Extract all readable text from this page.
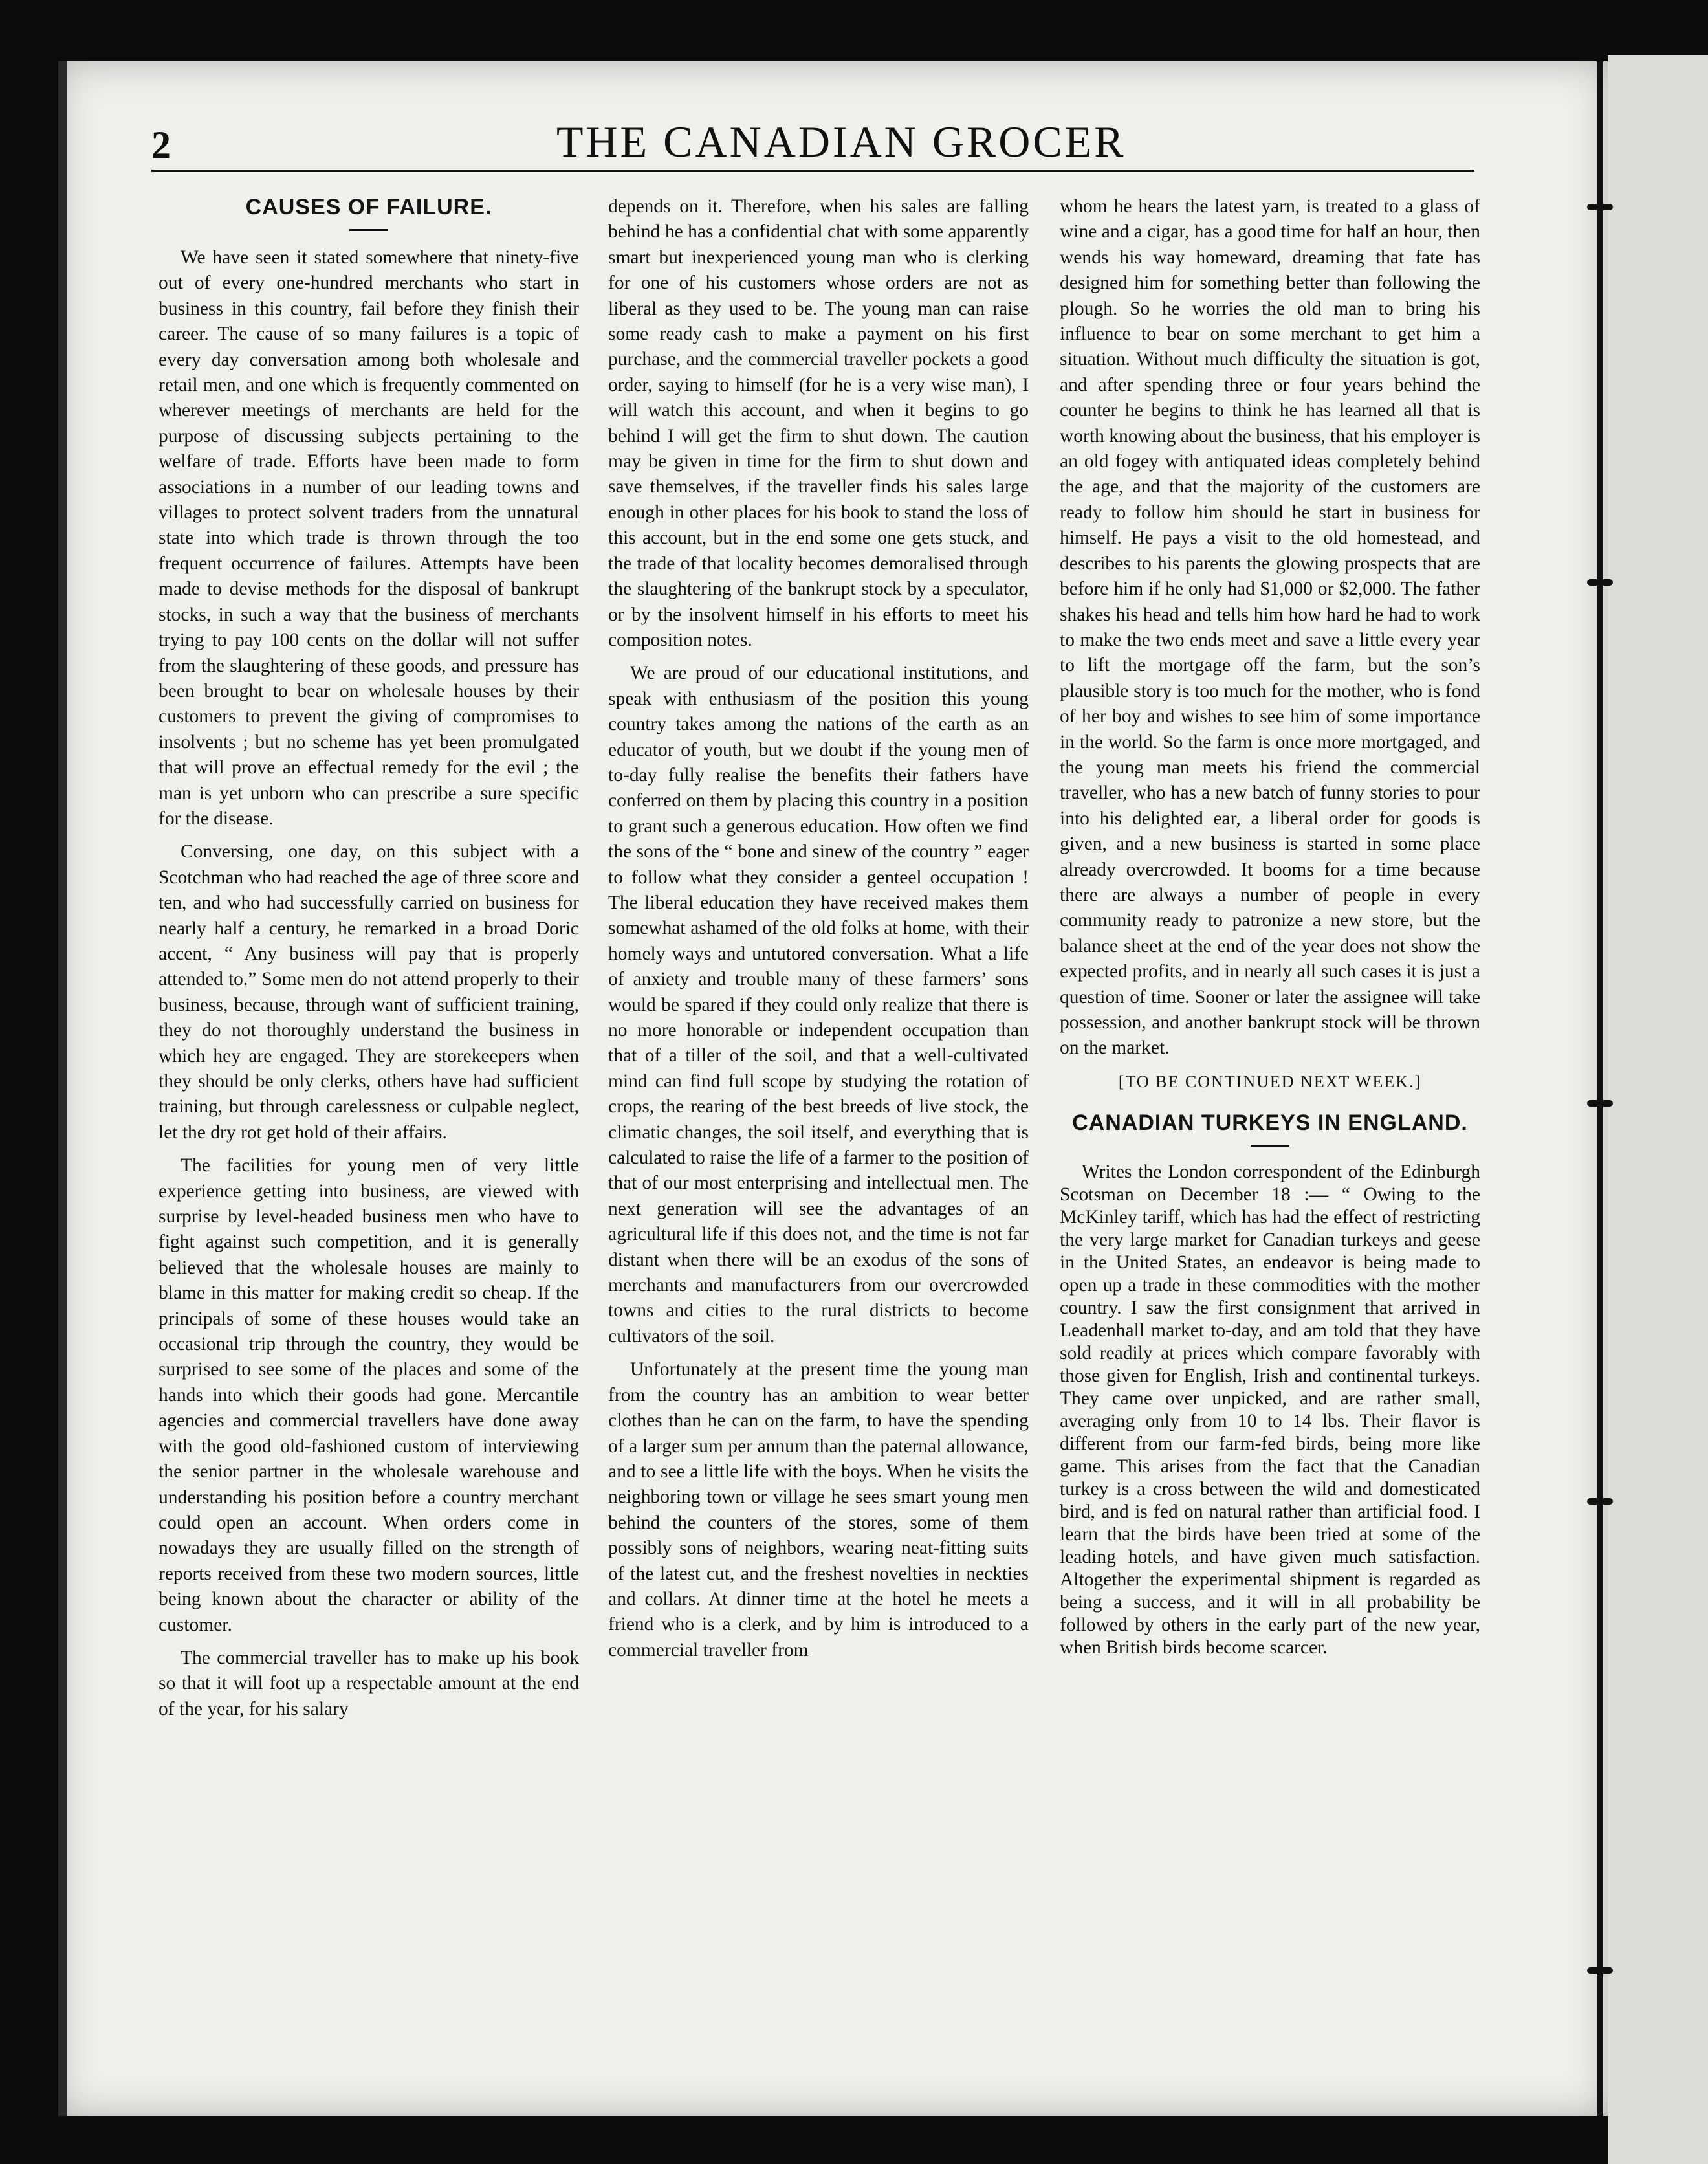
2	THE CANADIAN GROCER
CAUSES OF FAILURE.

We have seen it stated somewhere that ninety-five out of every one-hundred merchants who start in business in this country, fail before they finish their career. The cause of so many failures is a topic of every day conversation among both wholesale and retail men, and one which is frequently commented on wherever meetings of merchants are held for the purpose of discussing subjects pertaining to the welfare of trade. Efforts have been made to form associations in a number of our leading towns and villages to protect solvent traders from the unnatural state into which trade is thrown through the too frequent occurrence of failures. Attempts have been made to devise methods for the disposal of bankrupt stocks, in such a way that the business of merchants trying to pay 100 cents on the dollar will not suffer from the slaughtering of these goods, and pressure has been brought to bear on wholesale houses by their customers to prevent the giving of compromises to insolvents ; but no scheme has yet been promulgated that will prove an effectual remedy for the evil ; the man is yet unborn who can prescribe a sure specific for the disease.

Conversing, one day, on this subject with a Scotchman who had reached the age of three score and ten, and who had successfully carried on business for nearly half a century, he remarked in a broad Doric accent, “ Any business will pay that is properly attended to.” Some men do not attend properly to their business, because, through want of sufficient training, they do not thoroughly understand the business in which hey are engaged. They are storekeepers when they should be only clerks, others have had sufficient training, but through carelessness or culpable neglect, let the dry rot get hold of their affairs.

The facilities for young men of very little experience getting into business, are viewed with surprise by level-headed business men who have to fight against such competition, and it is generally believed that the wholesale houses are mainly to blame in this matter for making credit so cheap. If the principals of some of these houses would take an occasional trip through the country, they would be surprised to see some of the places and some of the hands into which their goods had gone. Mercantile agencies and commercial travellers have done away with the good old-fashioned custom of interviewing the senior partner in the wholesale warehouse and understanding his position before a country merchant could open an account. When orders come in nowadays they are usually filled on the strength of reports received from these two modern sources, little being known about the character or ability of the customer.

The commercial traveller has to make up his book so that it will foot up a respectable amount at the end of the year, for his salary

depends on it. Therefore, when his sales are falling behind he has a confidential chat with some apparently smart but inexperienced young man who is clerking for one of his customers whose orders are not as liberal as they used to be. The young man can raise some ready cash to make a payment on his first purchase, and the commercial traveller pockets a good order, saying to himself (for he is a very wise man), I will watch this account, and when it begins to go behind I will get the firm to shut down. The caution may be given in time for the firm to shut down and save themselves, if the traveller finds his sales large enough in other places for his book to stand the loss of this account, but in the end some one gets stuck, and the trade of that locality becomes demoralised through the slaughtering of the bankrupt stock by a speculator, or by the insolvent himself in his efforts to meet his composition notes.

We are proud of our educational institutions, and speak with enthusiasm of the position this young country takes among the nations of the earth as an educator of youth, but we doubt if the young men of to-day fully realise the benefits their fathers have conferred on them by placing this country in a position to grant such a generous education. How often we find the sons of the “ bone and sinew of the country ” eager to follow what they consider a genteel occupation ! The liberal education they have received makes them somewhat ashamed of the old folks at home, with their homely ways and untutored conversation. What a life of anxiety and trouble many of these farmers’ sons would be spared if they could only realize that there is no more honorable or independent occupation than that of a tiller of the soil, and that a well-cultivated mind can find full scope by studying the rotation of crops, the rearing of the best breeds of live stock, the climatic changes, the soil itself, and everything that is calculated to raise the life of a farmer to the position of that of our most enterprising and intellectual men. The next generation will see the advantages of an agricultural life if this does not, and the time is not far distant when there will be an exodus of the sons of merchants and manufacturers from our overcrowded towns and cities to the rural districts to become cultivators of the soil.

Unfortunately at the present time the young man from the country has an ambition to wear better clothes than he can on the farm, to have the spending of a larger sum per annum than the paternal allowance, and to see a little life with the boys. When he visits the neighboring town or village he sees smart young men behind the counters of the stores, some of them possibly sons of neighbors, wearing neat-fitting suits of the latest cut, and the freshest novelties in neckties and collars. At dinner time at the hotel he meets a friend who is a clerk, and by him is introduced to a commercial traveller from

whom he hears the latest yarn, is treated to a glass of wine and a cigar, has a good time for half an hour, then wends his way homeward, dreaming that fate has designed him for something better than following the plough. So he worries the old man to bring his influence to bear on some merchant to get him a situation. Without much difficulty the situation is got, and after spending three or four years behind the counter he begins to think he has learned all that is worth knowing about the business, that his employer is an old fogey with antiquated ideas completely behind the age, and that the majority of the customers are ready to follow him should he start in business for himself. He pays a visit to the old homestead, and describes to his parents the glowing prospects that are before him if he only had $1,000 or $2,000. The father shakes his head and tells him how hard he had to work to make the two ends meet and save a little every year to lift the mortgage off the farm, but the son’s plausible story is too much for the mother, who is fond of her boy and wishes to see him of some importance in the world. So the farm is once more mortgaged, and the young man meets his friend the commercial traveller, who has a new batch of funny stories to pour into his delighted ear, a liberal order for goods is given, and a new business is started in some place already overcrowded. It booms for a time because there are always a number of people in every community ready to patronize a new store, but the balance sheet at the end of the year does not show the expected profits, and in nearly all such cases it is just a question of time. Sooner or later the assignee will take possession, and another bankrupt stock will be thrown on the market.

[TO BE CONTINUED NEXT WEEK.]
CANADIAN TURKEYS IN ENGLAND.

Writes the London correspondent of the Edinburgh Scotsman on December 18 :— “ Owing to the McKinley tariff, which has had the effect of restricting the very large market for Canadian turkeys and geese in the United States, an endeavor is being made to open up a trade in these commodities with the mother country. I saw the first consignment that arrived in Leadenhall market to-day, and am told that they have sold readily at prices which compare favorably with those given for English, Irish and continental turkeys. They came over unpicked, and are rather small, averaging only from 10 to 14 lbs. Their flavor is different from our farm-fed birds, being more like game. This arises from the fact that the Canadian turkey is a cross between the wild and domesticated bird, and is fed on natural rather than artificial food. I learn that the birds have been tried at some of the leading hotels, and have given much satisfaction. Altogether the experimental shipment is regarded as being a success, and it will in all probability be followed by others in the early part of the new year, when British birds become scarcer.
